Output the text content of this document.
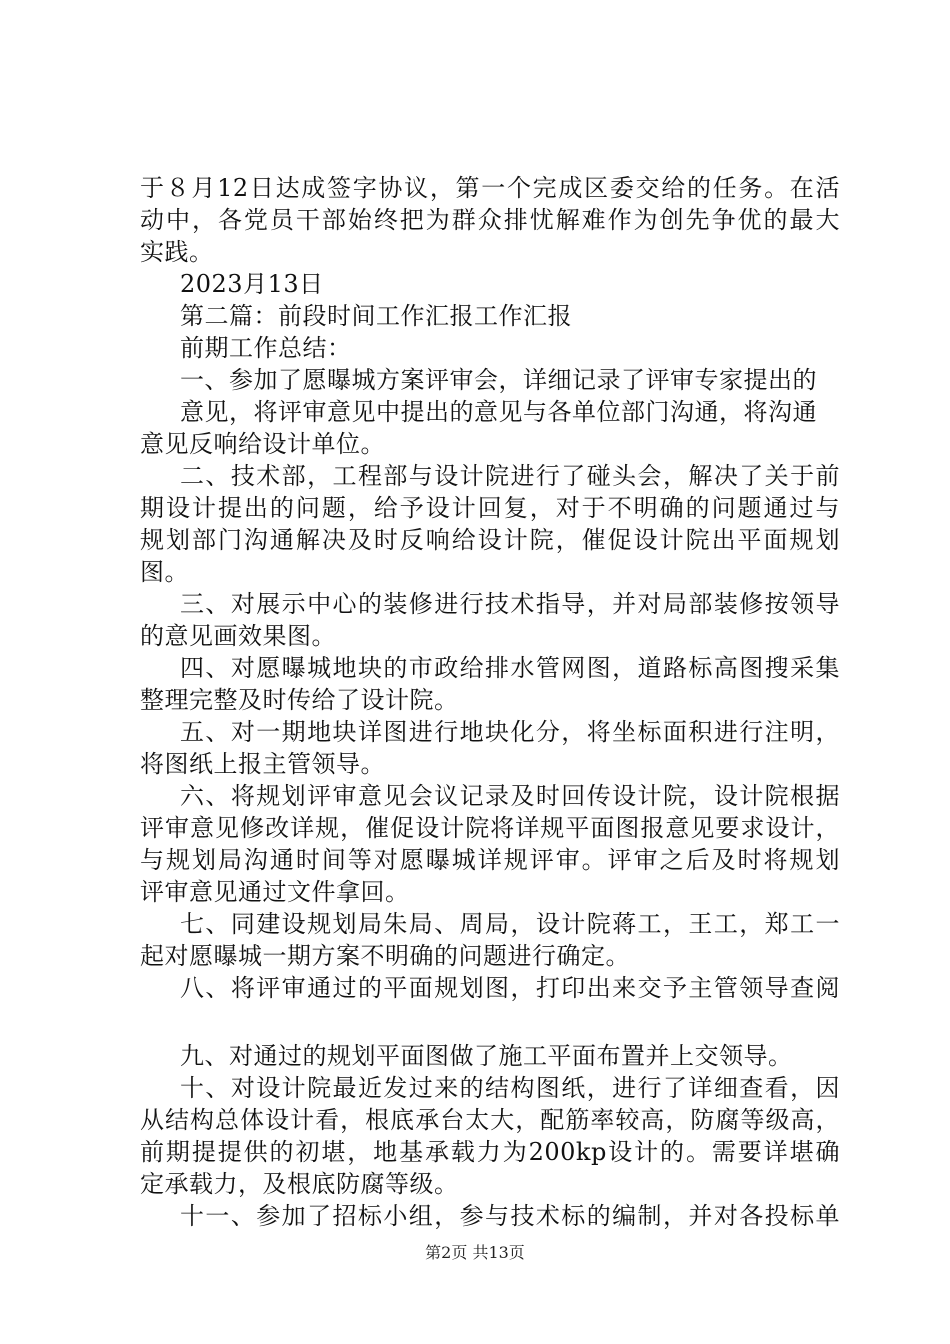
于８月12日达成签字协议，第一个完成区委交给的任务。在活
动中，各党员干部始终把为群众排忧解难作为创先争优的最大
实践。
2023月13日
第二篇：前段时间工作汇报工作汇报
前期工作总结：
一、参加了愿曝城方案评审会，详细记录了评审专家提出的
意见，将评审意见中提出的意见与各单位部门沟通，将沟通
意见反响给设计单位。
二、技术部，工程部与设计院进行了碰头会，解决了关于前
期设计提出的问题，给予设计回复，对于不明确的问题通过与
规划部门沟通解决及时反响给设计院，催促设计院出平面规划
图。
三、对展示中心的装修进行技术指导，并对局部装修按领导
的意见画效果图。
四、对愿曝城地块的市政给排水管网图，道路标高图搜采集
整理完整及时传给了设计院。
五、对一期地块详图进行地块化分，将坐标面积进行注明，
将图纸上报主管领导。
六、将规划评审意见会议记录及时回传设计院，设计院根据
评审意见修改详规，催促设计院将详规平面图报意见要求设计，
与规划局沟通时间等对愿曝城详规评审。评审之后及时将规划
评审意见通过文件拿回。
七、同建设规划局朱局、周局，设计院蒋工，王工，郑工一
起对愿曝城一期方案不明确的问题进行确定。
八、将评审通过的平面规划图，打印出来交予主管领导查阅
九、对通过的规划平面图做了施工平面布置并上交领导。
十、对设计院最近发过来的结构图纸，进行了详细查看，因
从结构总体设计看，根底承台太大，配筋率较高，防腐等级高，
前期提提供的初堪，地基承载力为200kp设计的。需要详堪确
定承载力，及根底防腐等级。
十一、参加了招标小组，参与技术标的编制，并对各投标单
第2页 共13页
